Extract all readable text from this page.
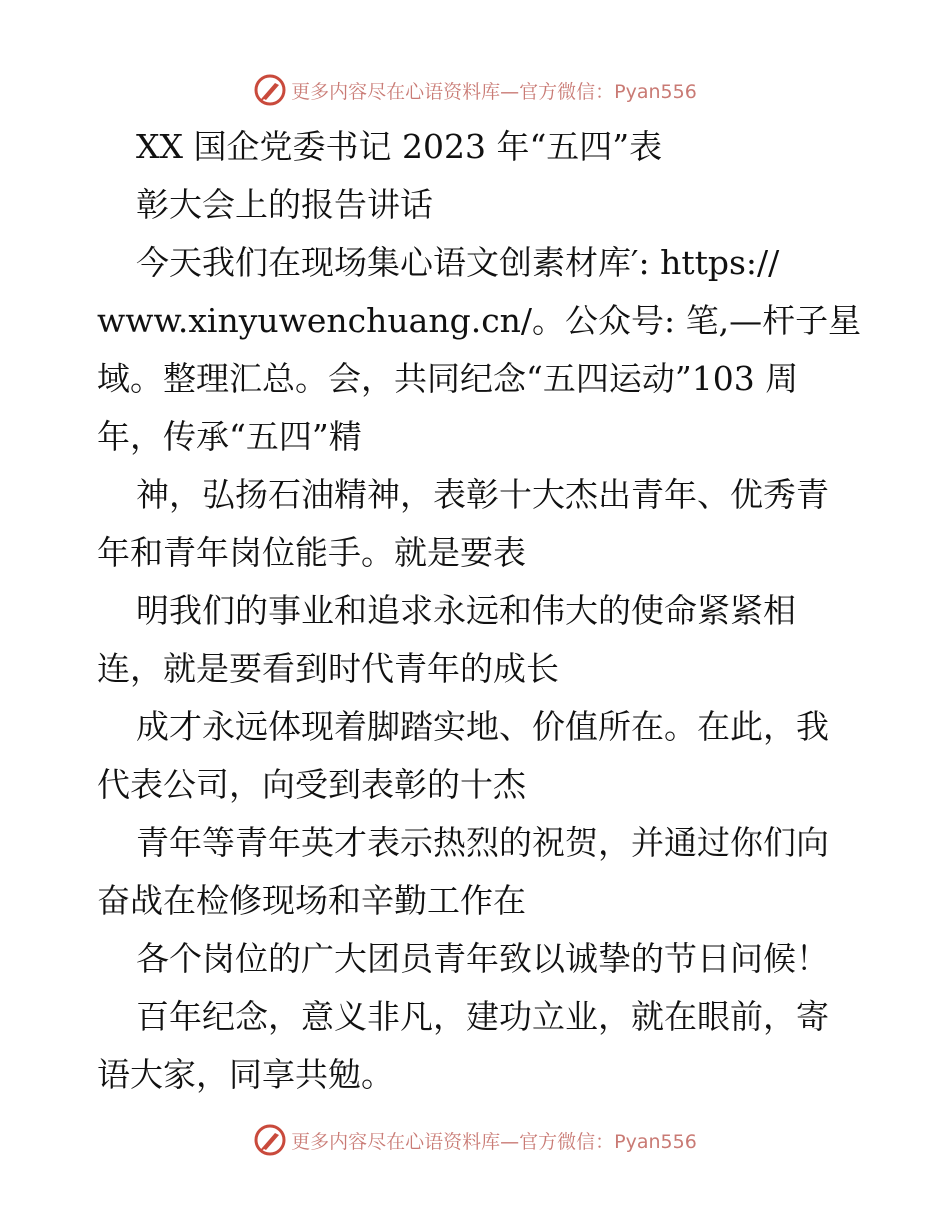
更多内容尽在心语资料库—官方微信：Pyan556
XX 国企党委书记 2023 年“五四”表
彰大会上的报告讲话
今天我们在现场集心语文创素材库′: https://
www.xinyuwenchuang.cn/。公众号: 笔,—杆子星
域。整理汇总。会，共同纪念“五四运动”103 周
年，传承“五四”精
神，弘扬石油精神，表彰十大杰出青年、优秀青
年和青年岗位能手。就是要表
明我们的事业和追求永远和伟大的使命紧紧相
连，就是要看到时代青年的成长
成才永远体现着脚踏实地、价值所在。在此，我
代表公司，向受到表彰的十杰
青年等青年英才表示热烈的祝贺，并通过你们向
奋战在检修现场和辛勤工作在
各个岗位的广大团员青年致以诚挚的节日问候！
百年纪念，意义非凡，建功立业，就在眼前，寄
语大家，同享共勉。
更多内容尽在心语资料库—官方微信：Pyan556
